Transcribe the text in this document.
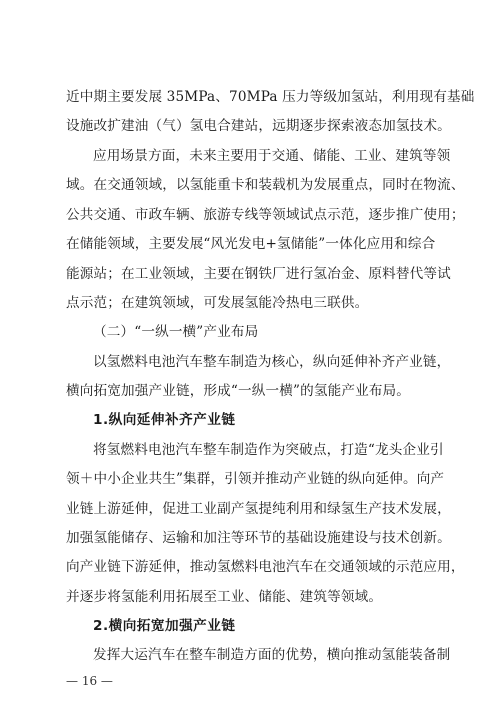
近中期主要发展 35MPa、70MPa 压力等级加氢站，利用现有基础
设施改扩建油（气）氢电合建站，远期逐步探索液态加氢技术。
应用场景方面，未来主要用于交通、储能、工业、建筑等领
域。在交通领域，以氢能重卡和装载机为发展重点，同时在物流、
公共交通、市政车辆、旅游专线等领域试点示范，逐步推广使用；
在储能领域，主要发展“风光发电+氢储能”一体化应用和综合
能源站；在工业领域，主要在钢铁厂进行氢冶金、原料替代等试
点示范；在建筑领域，可发展氢能冷热电三联供。
（二）“一纵一横”产业布局
以氢燃料电池汽车整车制造为核心，纵向延伸补齐产业链，
横向拓宽加强产业链，形成“一纵一横”的氢能产业布局。
1.纵向延伸补齐产业链
将氢燃料电池汽车整车制造作为突破点，打造“龙头企业引
领＋中小企业共生”集群，引领并推动产业链的纵向延伸。向产
业链上游延伸，促进工业副产氢提纯利用和绿氢生产技术发展，
加强氢能储存、运输和加注等环节的基础设施建设与技术创新。
向产业链下游延伸，推动氢燃料电池汽车在交通领域的示范应用，
并逐步将氢能利用拓展至工业、储能、建筑等领域。
2.横向拓宽加强产业链
发挥大运汽车在整车制造方面的优势，横向推动氢能装备制
— 16 —
